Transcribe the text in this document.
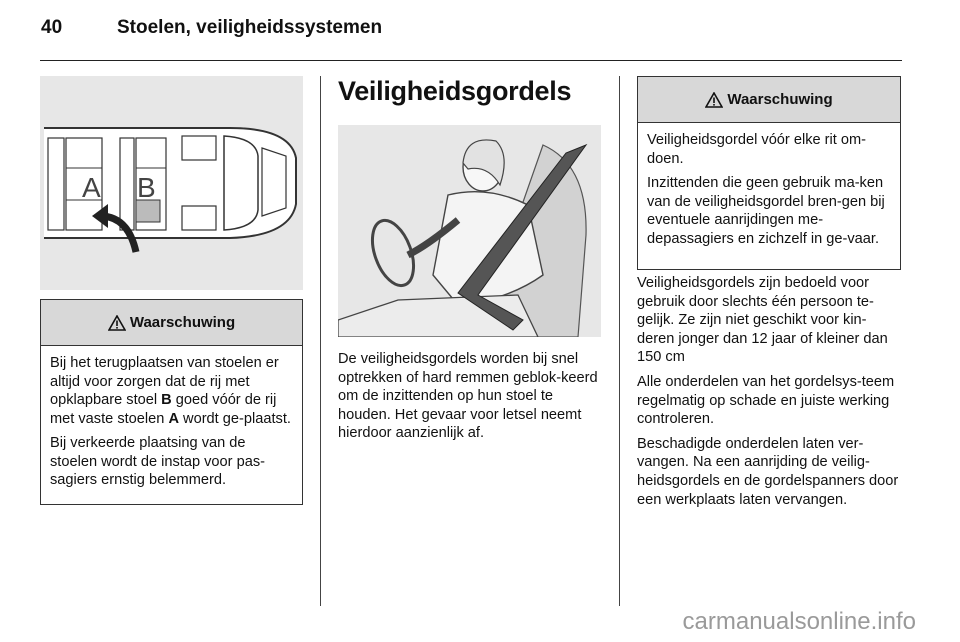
40	Stoelen, veiligheidssystemen
A B
Waarschuwing

Bij het terugplaatsen van stoelen er altijd voor zorgen dat de rij met opklapbare stoel B goed vóór de rij met vaste stoelen A wordt ge-plaatst.

Bij verkeerde plaatsing van de stoelen wordt de instap voor pas-sagiers ernstig belemmerd.

Veiligheidsgordels
De veiligheidsgordels worden bij snel optrekken of hard remmen geblok-keerd om de inzittenden op hun stoel te houden. Het gevaar voor letsel neemt hierdoor aanzienlijk af.
Waarschuwing

Veiligheidsgordel vóór elke rit om-doen.

Inzittenden die geen gebruik ma-ken van de veiligheidsgordel bren-gen bij eventuele aanrijdingen me-depassagiers en zichzelf in ge-vaar.

Veiligheidsgordels zijn bedoeld voor gebruik door slechts één persoon te-gelijk. Ze zijn niet geschikt voor kin-deren jonger dan 12 jaar of kleiner dan 150 cm

Alle onderdelen van het gordelsys-teem regelmatig op schade en juiste werking controleren.

Beschadigde onderdelen laten ver-vangen. Na een aanrijding de veilig-heidsgordels en de gordelspanners door een werkplaats laten vervangen.

carmanualsonline.info
